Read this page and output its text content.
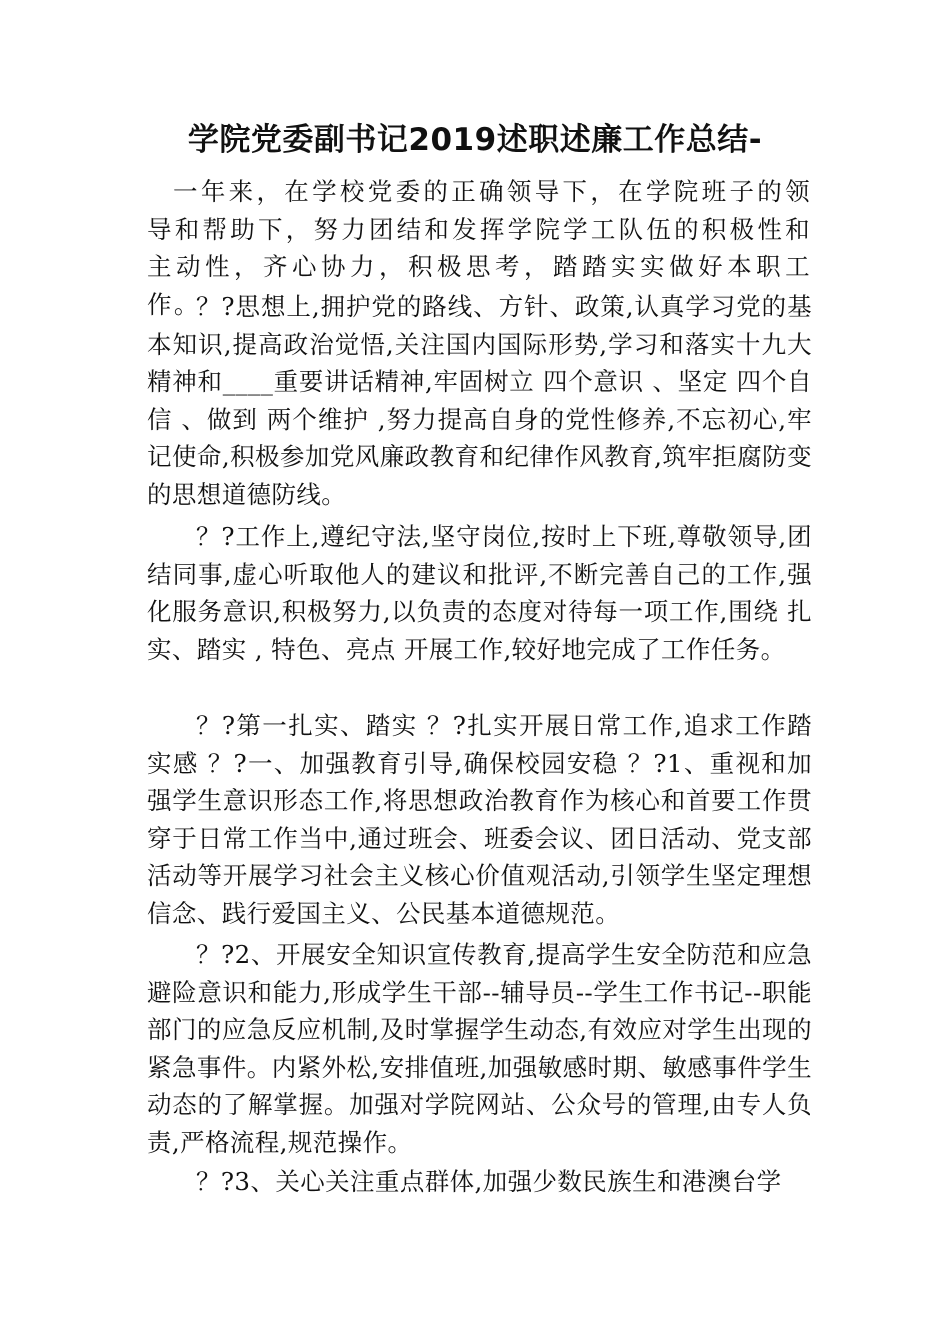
学院党委副书记2019述职述廉工作总结-

一年来，在学校党委的正确领导下，在学院班子的领导和帮助下，努力团结和发挥学院学工队伍的积极性和主动性，齐心协力，积极思考，踏踏实实做好本职工作。

？?思想上,拥护党的路线、方针、政策,认真学习党的基本知识,提高政治觉悟,关注国内国际形势,学习和落实十九大精神和____重要讲话精神,牢固树立 四个意识 、坚定 四个自信 、做到 两个维护 ,努力提高自身的党性修养,不忘初心,牢记使命,积极参加党风廉政教育和纪律作风教育,筑牢拒腐防变的思想道德防线。

？?工作上,遵纪守法,坚守岗位,按时上下班,尊敬领导,团结同事,虚心听取他人的建议和批评,不断完善自己的工作,强化服务意识,积极努力,以负责的态度对待每一项工作,围绕 扎实、踏实 , 特色、亮点 开展工作,较好地完成了工作任务。

？?第一扎实、踏实 ？?扎实开展日常工作,追求工作踏实感 ？?一、加强教育引导,确保校园安稳 ？?1、重视和加强学生意识形态工作,将思想政治教育作为核心和首要工作贯穿于日常工作当中,通过班会、班委会议、团日活动、党支部活动等开展学习社会主义核心价值观活动,引领学生坚定理想信念、践行爱国主义、公民基本道德规范。

？?2、开展安全知识宣传教育,提高学生安全防范和应急避险意识和能力,形成学生干部--辅导员--学生工作书记--职能部门的应急反应机制,及时掌握学生动态,有效应对学生出现的紧急事件。内紧外松,安排值班,加强敏感时期、敏感事件学生动态的了解掌握。加强对学院网站、公众号的管理,由专人负责,严格流程,规范操作。

？?3、关心关注重点群体,加强少数民族生和港澳台学
